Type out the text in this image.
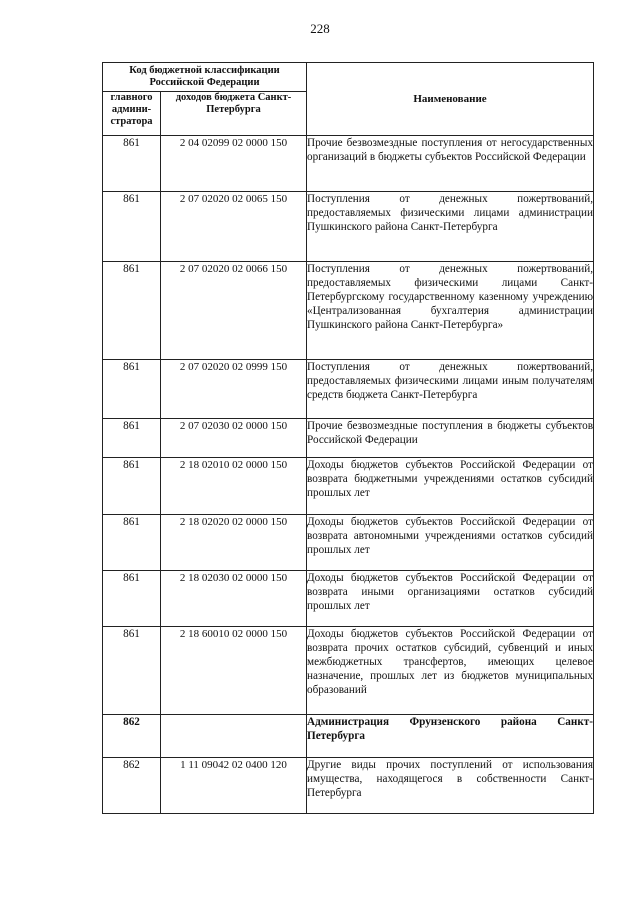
228
Код бюджетной классификации Российской Федерации		Наименование
главного админи-стратора	доходов бюджета Санкт-Петербурга	
861	2 04 02099 02 0000 150	Прочие безвозмездные поступления от негосударственных организаций в бюджеты субъектов Российской Федерации
861	2 07 02020 02 0065 150	Поступления от денежных пожертвований, предоставляемых физическими лицами администрации Пушкинского района Санкт-Петербурга
861	2 07 02020 02 0066 150	Поступления от денежных пожертвований, предоставляемых физическими лицами Санкт-Петербургскому государственному казенному учреждению «Централизованная бухгалтерия администрации Пушкинского района Санкт-Петербурга»
861	2 07 02020 02 0999 150	Поступления от денежных пожертвований, предоставляемых физическими лицами иным получателям средств бюджета Санкт-Петербурга
861	2 07 02030 02 0000 150	Прочие безвозмездные поступления в бюджеты субъектов Российской Федерации
861	2 18 02010 02 0000 150	Доходы бюджетов субъектов Российской Федерации от возврата бюджетными учреждениями остатков субсидий прошлых лет
861	2 18 02020 02 0000 150	Доходы бюджетов субъектов Российской Федерации от возврата автономными учреждениями остатков субсидий прошлых лет
861	2 18 02030 02 0000 150	Доходы бюджетов субъектов Российской Федерации от возврата иными организациями остатков субсидий прошлых лет
861	2 18 60010 02 0000 150	Доходы бюджетов субъектов Российской Федерации от возврата прочих остатков субсидий, субвенций и иных межбюджетных трансфертов, имеющих целевое назначение, прошлых лет из бюджетов муниципальных образований
862		Администрация Фрунзенского района Санкт-Петербурга
862	1 11 09042 02 0400 120	Другие виды прочих поступлений от использования имущества, находящегося в собственности Санкт-Петербурга
